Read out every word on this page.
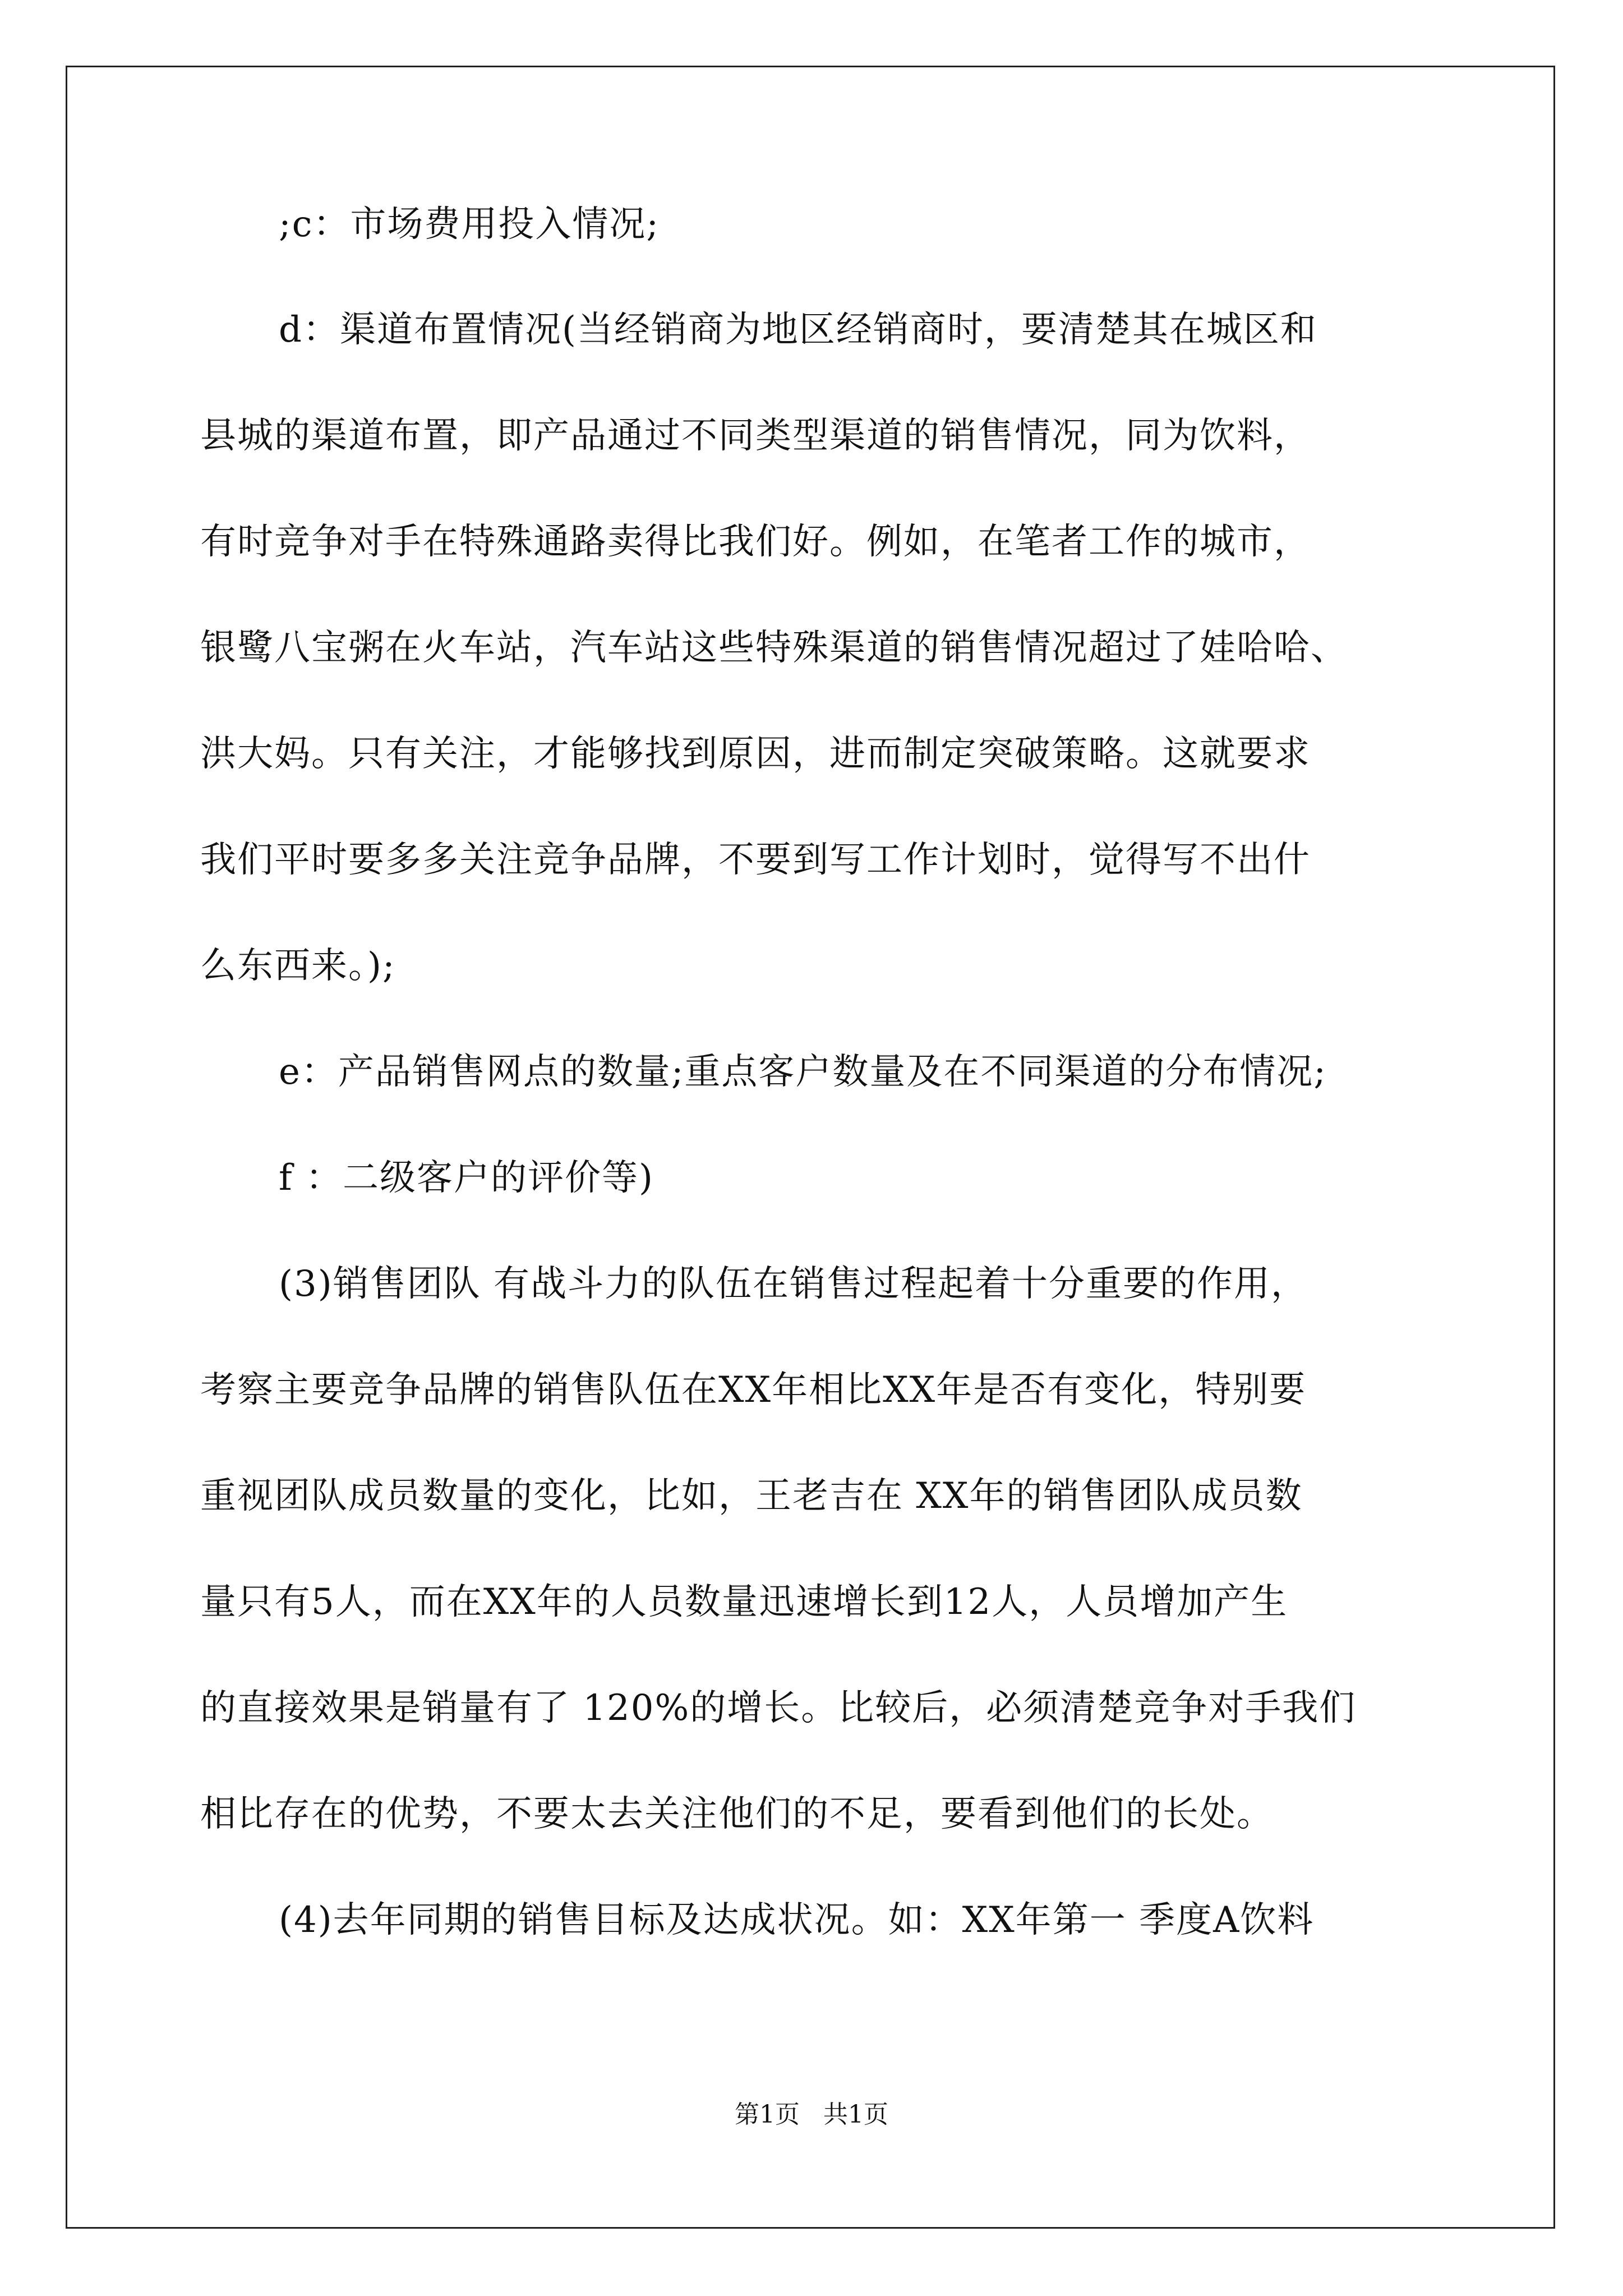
;c：市场费用投入情况;
d：渠道布置情况(当经销商为地区经销商时，要清楚其在城区和
县城的渠道布置，即产品通过不同类型渠道的销售情况，同为饮料，
有时竞争对手在特殊通路卖得比我们好。例如，在笔者工作的城市，
银鹭八宝粥在火车站，汽车站这些特殊渠道的销售情况超过了娃哈哈、
洪大妈。只有关注，才能够找到原因，进而制定突破策略。这就要求
我们平时要多多关注竞争品牌，不要到写工作计划时，觉得写不出什
么东西来。);
e：产品销售网点的数量;重点客户数量及在不同渠道的分布情况;
f ：二级客户的评价等)
(3)销售团队 有战斗力的队伍在销售过程起着十分重要的作用，
考察主要竞争品牌的销售队伍在XX年相比XX年是否有变化，特别要
重视团队成员数量的变化，比如，王老吉在 XX年的销售团队成员数
量只有5人，而在XX年的人员数量迅速增长到12人，人员增加产生
的直接效果是销量有了 120%的增长。比较后，必须清楚竞争对手我们
相比存在的优势，不要太去关注他们的不足，要看到他们的长处。
(4)去年同期的销售目标及达成状况。如：XX年第一 季度A饮料
第1页   共1页
